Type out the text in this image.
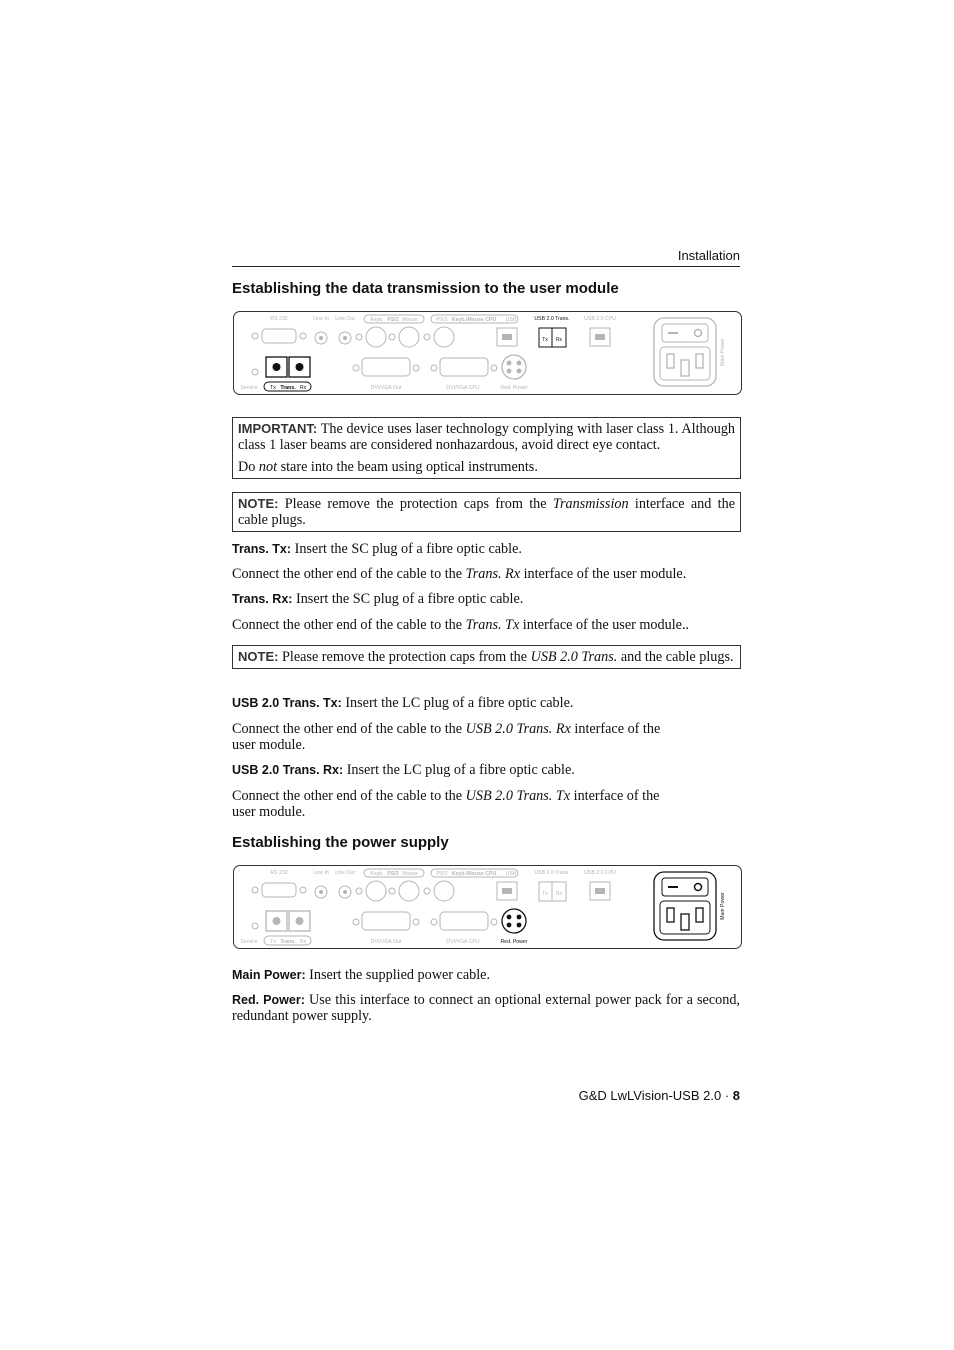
Installation
Establishing the data transmission to the user module
RS 232	Line In Line Out	Keyb. PS/2 Mouse	PS/2 Keyb./Mouse CPU USB	USB 2.0 Trans.
Tx Rx
USB 2.0 CPU
Service Tx Trans. Rx	DVI/VGA Out	DVI/VGA CPU	Red. Power
Main Power

IMPORTANT: The device uses laser technology complying with laser class 1. Although class 1 laser beams are considered nonhazardous, avoid direct eye contact.

Do not stare into the beam using optical instruments.

NOTE: Please remove the protection caps from the Transmission interface and the cable plugs.

Trans. Tx: Insert the SC plug of a fibre optic cable.

Connect the other end of the cable to the Trans. Rx interface of the user module.

Trans. Rx: Insert the SC plug of a fibre optic cable.

Connect the other end of the cable to the Trans. Tx interface of the user module..

NOTE: Please remove the protection caps from the USB 2.0 Trans. and the cable plugs.

USB 2.0 Trans. Tx: Insert the LC plug of a fibre optic cable.

Connect the other end of the cable to the USB 2.0 Trans. Rx interface of the
user module.

USB 2.0 Trans. Rx: Insert the LC plug of a fibre optic cable.

Connect the other end of the cable to the USB 2.0 Trans. Tx interface of the
user module.

Establishing the power supply
RS 232	Line In Line Out	Keyb. PS/2 Mouse	PS/2 Keyb./Mouse CPU USB	USB 2.0 Trans.
Tx Rx
USB 2.0 CPU
Service Tx Trans. Rx	DVI/VGA Out	DVI/VGA CPU	Red. Power
Main Power

Main Power: Insert the supplied power cable.

Red. Power: Use this interface to connect an optional external power pack for a second, redundant power supply.

G&D LwLVision-USB 2.0 · 8
